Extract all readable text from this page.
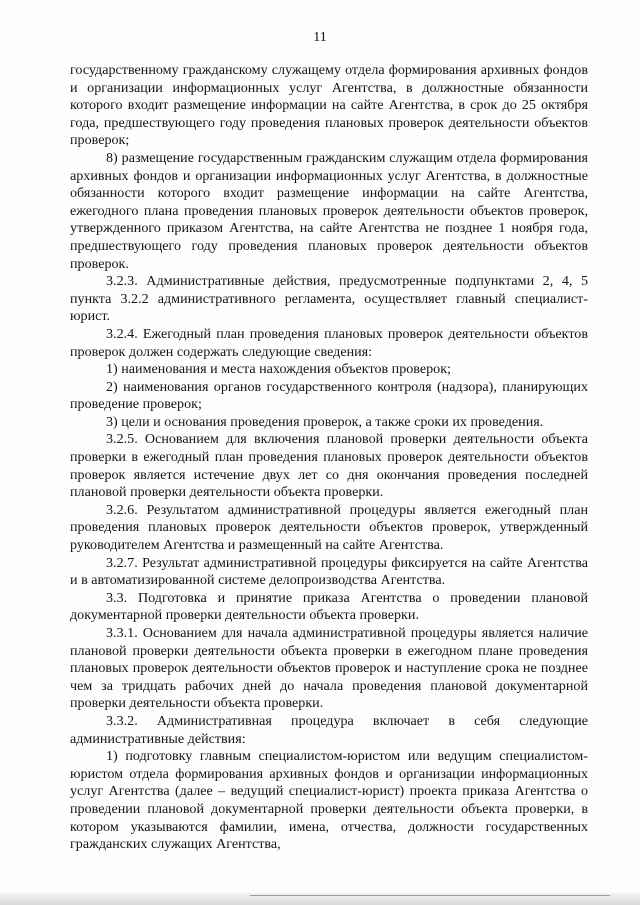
11

государственному гражданскому служащему отдела формирования архивных фондов и организации информационных услуг Агентства, в должностные обязанности которого входит размещение информации на сайте Агентства, в срок до 25 октября года, предшествующего году проведения плановых проверок деятельности объектов проверок;

8) размещение государственным гражданским служащим отдела формирования архивных фондов и организации информационных услуг Агентства, в должностные обязанности которого входит размещение информации на сайте Агентства, ежегодного плана проведения плановых проверок деятельности объектов проверок, утвержденного приказом Агентства, на сайте Агентства не позднее 1 ноября года, предшествующего году проведения плановых проверок деятельности объектов проверок.

3.2.3. Административные действия, предусмотренные подпунктами 2, 4, 5 пункта 3.2.2 административного регламента, осуществляет главный специалист-юрист.

3.2.4. Ежегодный план проведения плановых проверок деятельности объектов проверок должен содержать следующие сведения:

1) наименования и места нахождения объектов проверок;

2) наименования органов государственного контроля (надзора), планирующих проведение проверок;

3) цели и основания проведения проверок, а также сроки их проведения.

3.2.5. Основанием для включения плановой проверки деятельности объекта проверки в ежегодный план проведения плановых проверок деятельности объектов проверок является истечение двух лет со дня окончания проведения последней плановой проверки деятельности объекта проверки.

3.2.6. Результатом административной процедуры является ежегодный план проведения плановых проверок деятельности объектов проверок, утвержденный руководителем Агентства и размещенный на сайте Агентства.

3.2.7. Результат административной процедуры фиксируется на сайте Агентства и в автоматизированной системе делопроизводства Агентства.

3.3. Подготовка и принятие приказа Агентства о проведении плановой документарной проверки деятельности объекта проверки.

3.3.1. Основанием для начала административной процедуры является наличие плановой проверки деятельности объекта проверки в ежегодном плане проведения плановых проверок деятельности объектов проверок и наступление срока не позднее чем за тридцать рабочих дней до начала проведения плановой документарной проверки деятельности объекта проверки.

3.3.2. Административная процедура включает в себя следующие административные действия:

1) подготовку главным специалистом-юристом или ведущим специалистом-юристом отдела формирования архивных фондов и организации информационных услуг Агентства (далее – ведущий специалист-юрист) проекта приказа Агентства о проведении плановой документарной проверки деятельности объекта проверки, в котором указываются фамилии, имена, отчества, должности государственных гражданских служащих Агентства,
